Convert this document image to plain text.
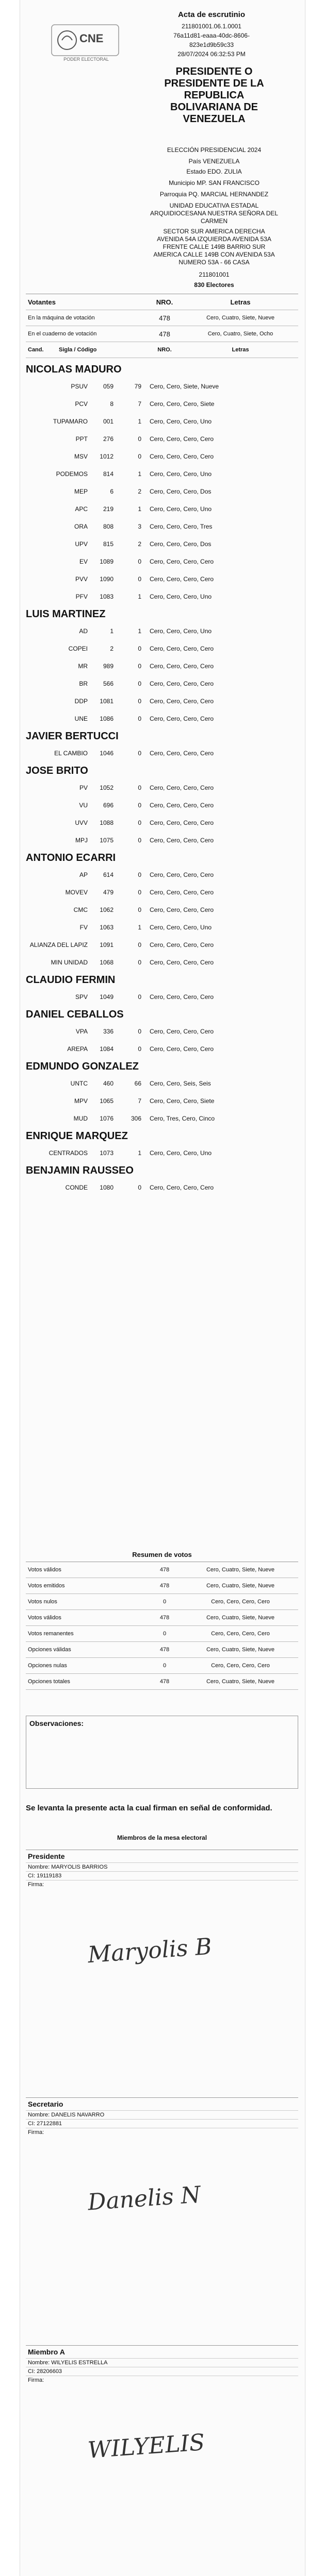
Acta de escrutinio
211801001.06.1.0001
76a11d81-eaaa-40dc-8606-
823e1d9b59c33
28/07/2024 06:32:53 PM
CNE
PODER ELECTORAL
PRESIDENTE O PRESIDENTE DE LA REPUBLICA BOLIVARIANA DE VENEZUELA
ELECCIÓN PRESIDENCIAL 2024
País VENEZUELA
Estado EDO. ZULIA
Municipio MP. SAN FRANCISCO
Parroquia PQ. MARCIAL HERNANDEZ
UNIDAD EDUCATIVA ESTADAL ARQUIDIOCESANA NUESTRA SEÑORA DEL CARMEN
SECTOR SUR AMERICA DERECHA AVENIDA 54A IZQUIERDA AVENIDA 53A FRENTE CALLE 149B BARRIO SUR AMERICA CALLE 149B CON AVENIDA 53A NUMERO 53A - 66 CASA
211801001
830 Electores
Votantes	NRO.	Letras
En la máquina de votación	478	Cero, Cuatro, Siete, Nueve
En el cuaderno de votación	478	Cero, Cuatro, Siete, Ocho
Cand.	Sigla / Código	NRO.	Letras
NICOLAS MADURO
PSUV	059	79	Cero, Cero, Siete, Nueve
PCV	8	7	Cero, Cero, Cero, Siete
TUPAMARO	001	1	Cero, Cero, Cero, Uno
PPT	276	0	Cero, Cero, Cero, Cero
MSV	1012	0	Cero, Cero, Cero, Cero
PODEMOS	814	1	Cero, Cero, Cero, Uno
MEP	6	2	Cero, Cero, Cero, Dos
APC	219	1	Cero, Cero, Cero, Uno
ORA	808	3	Cero, Cero, Cero, Tres
UPV	815	2	Cero, Cero, Cero, Dos
EV	1089	0	Cero, Cero, Cero, Cero
PVV	1090	0	Cero, Cero, Cero, Cero
PFV	1083	1	Cero, Cero, Cero, Uno
LUIS MARTINEZ
AD	1	1	Cero, Cero, Cero, Uno
COPEI	2	0	Cero, Cero, Cero, Cero
MR	989	0	Cero, Cero, Cero, Cero
BR	566	0	Cero, Cero, Cero, Cero
DDP	1081	0	Cero, Cero, Cero, Cero
UNE	1086	0	Cero, Cero, Cero, Cero
JAVIER BERTUCCI
EL CAMBIO	1046	0	Cero, Cero, Cero, Cero
JOSE BRITO
PV	1052	0	Cero, Cero, Cero, Cero
VU	696	0	Cero, Cero, Cero, Cero
UVV	1088	0	Cero, Cero, Cero, Cero
MPJ	1075	0	Cero, Cero, Cero, Cero
ANTONIO ECARRI
AP	614	0	Cero, Cero, Cero, Cero
MOVEV	479	0	Cero, Cero, Cero, Cero
CMC	1062	0	Cero, Cero, Cero, Cero
FV	1063	1	Cero, Cero, Cero, Uno
ALIANZA DEL LAPIZ	1091	0	Cero, Cero, Cero, Cero
MIN UNIDAD	1068	0	Cero, Cero, Cero, Cero
CLAUDIO FERMIN
SPV	1049	0	Cero, Cero, Cero, Cero
DANIEL CEBALLOS
VPA	336	0	Cero, Cero, Cero, Cero
AREPA	1084	0	Cero, Cero, Cero, Cero
EDMUNDO GONZALEZ
UNTC	460	66	Cero, Cero, Seis, Seis
MPV	1065	7	Cero, Cero, Cero, Siete
MUD	1076	306	Cero, Tres, Cero, Cinco
ENRIQUE MARQUEZ
CENTRADOS	1073	1	Cero, Cero, Cero, Uno
BENJAMIN RAUSSEO
CONDE	1080	0	Cero, Cero, Cero, Cero
Resumen de votos
Votos válidos	478	Cero, Cuatro, Siete, Nueve
Votos emitidos	478	Cero, Cuatro, Siete, Nueve
Votos nulos	0	Cero, Cero, Cero, Cero
Votos válidos	478	Cero, Cuatro, Siete, Nueve
Votos remanentes	0	Cero, Cero, Cero, Cero
Opciones válidas	478	Cero, Cuatro, Siete, Nueve
Opciones nulas	0	Cero, Cero, Cero, Cero
Opciones totales	478	Cero, Cuatro, Siete, Nueve
Observaciones:
Se levanta la presente acta la cual firman en señal de conformidad.
Miembros de la mesa electoral
Presidente
Nombre: MARYOLIS BARRIOS
CI: 19119183
Firma:
Maryolis B
Secretario
Nombre: DANELIS NAVARRO
CI: 27122881
Firma:
Danelis N
Miembro A
Nombre: WILYELIS ESTRELLA
CI: 28206603
Firma:
WILYELIS
